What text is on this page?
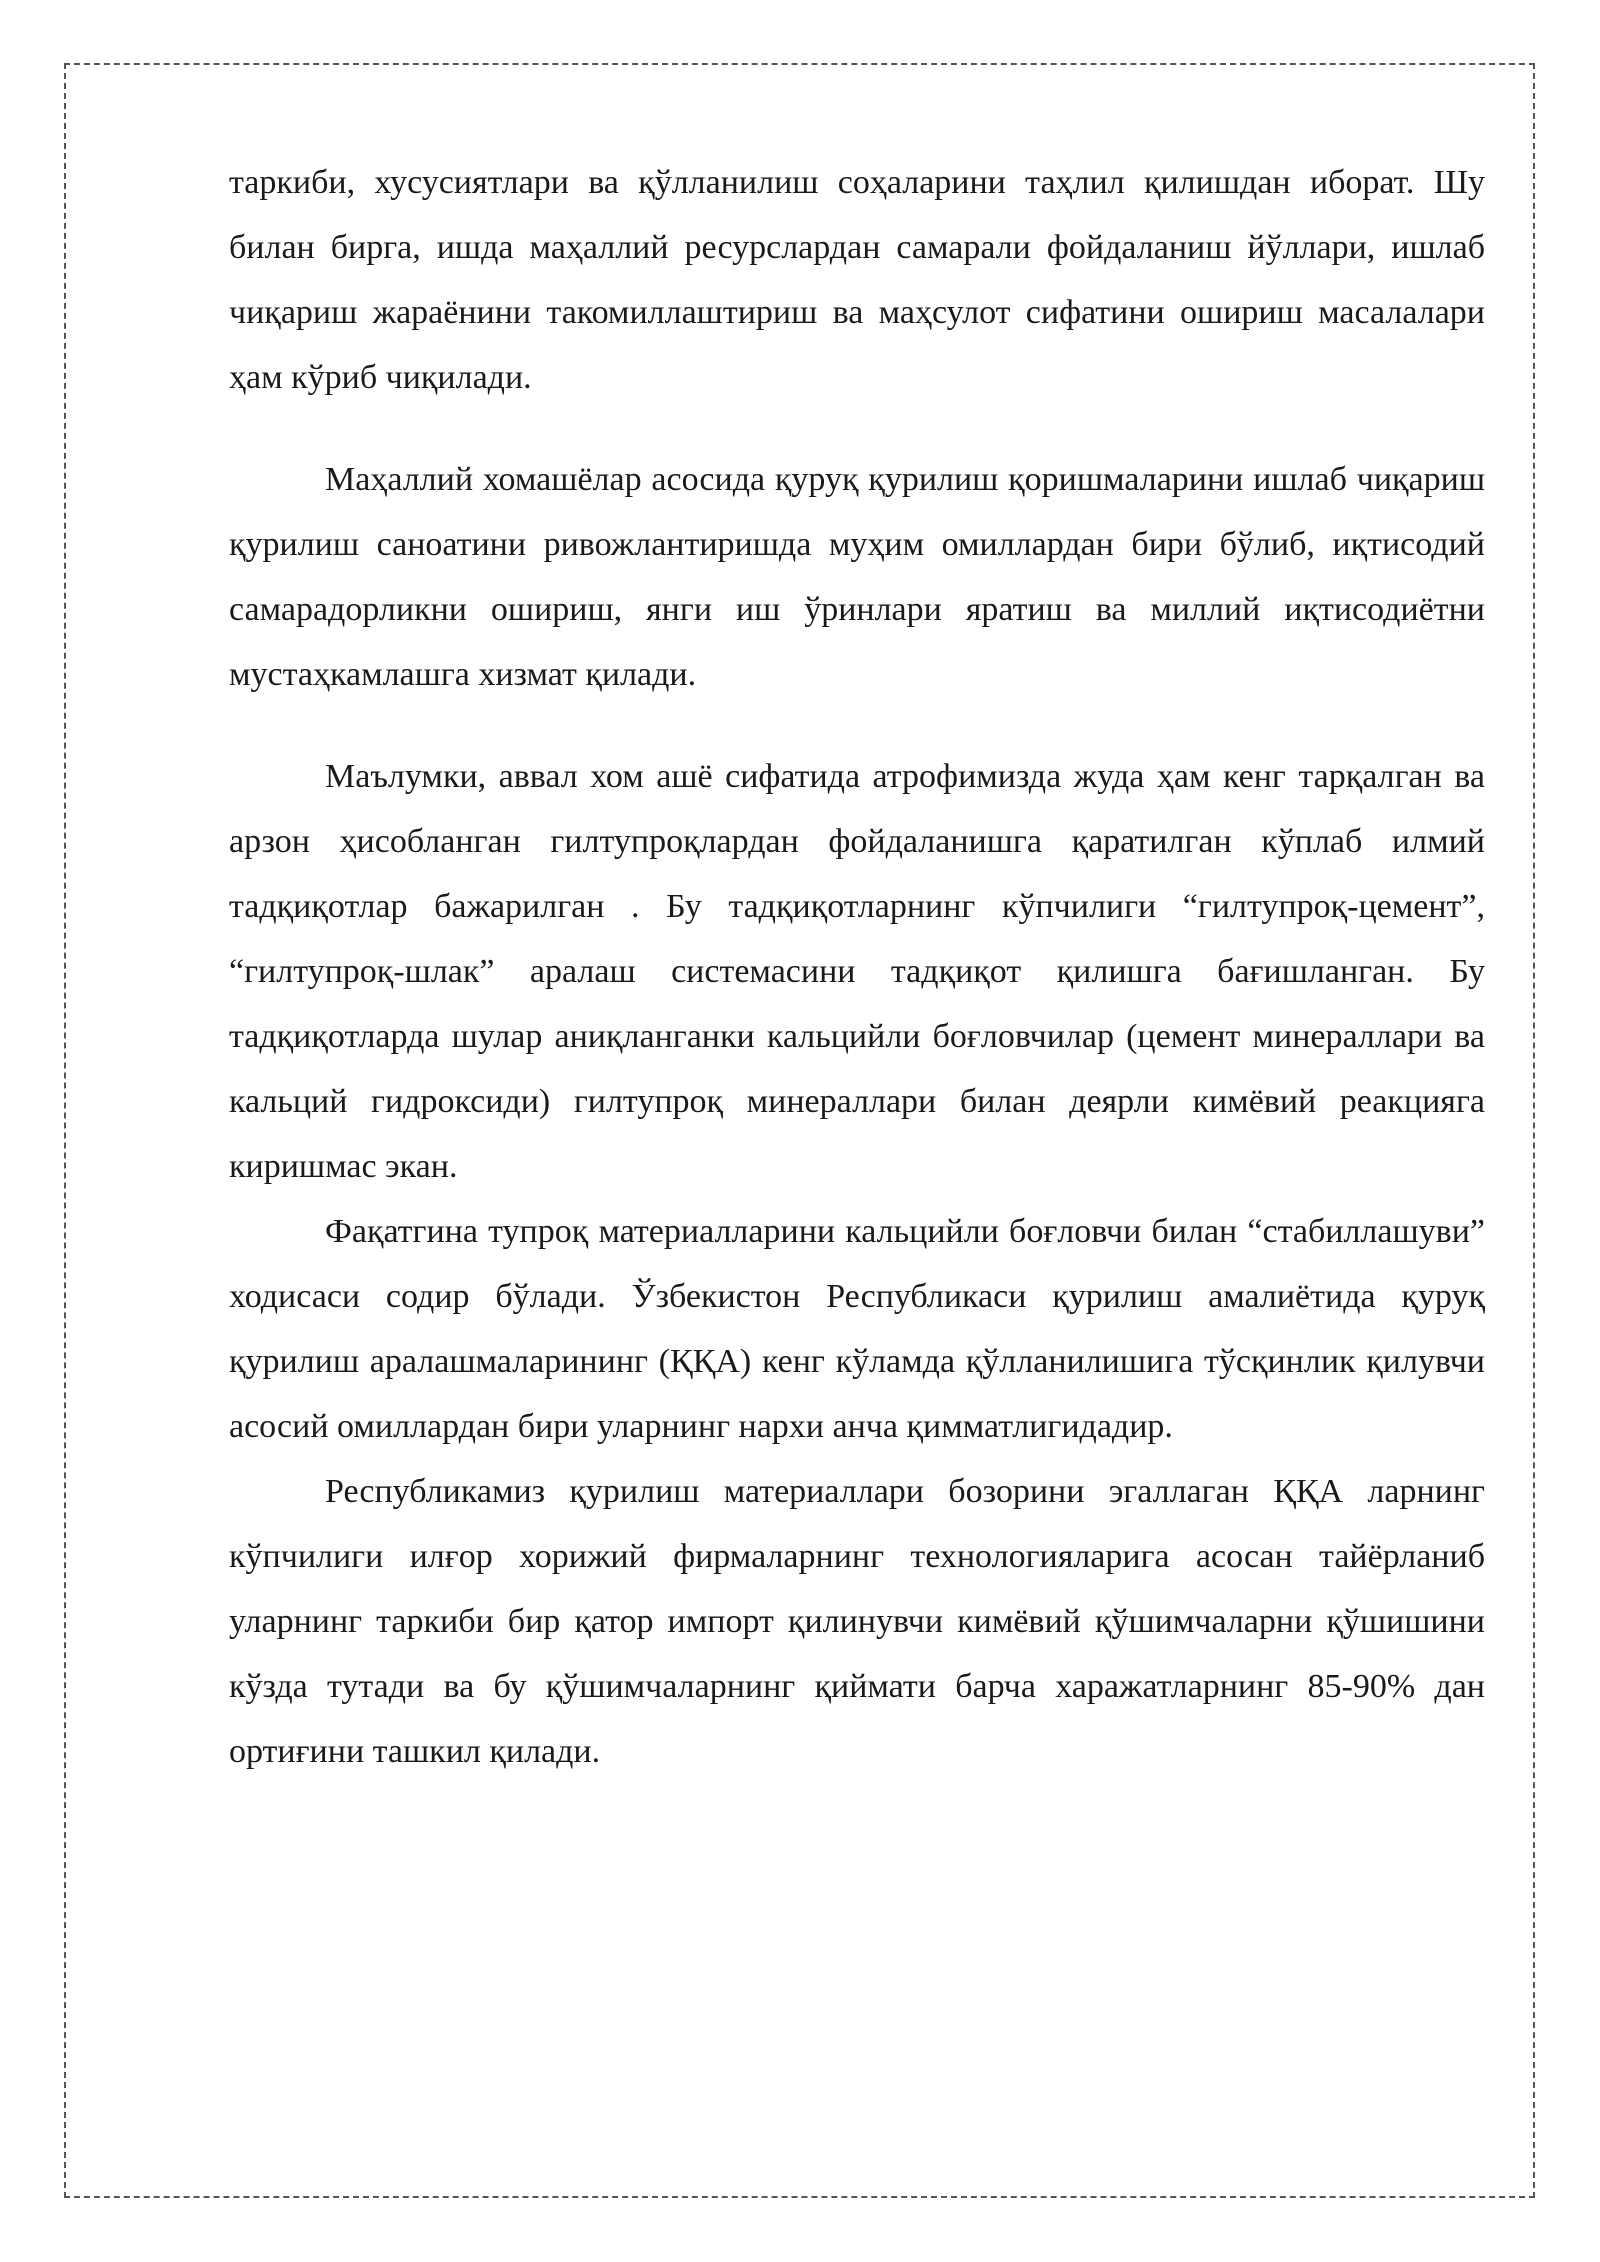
таркиби, хусусиятлари ва қўлланилиш соҳаларини таҳлил қилишдан иборат. Шу билан бирга, ишда маҳаллий ресурслардан самарали фойдаланиш йўллари, ишлаб чиқариш жараёнини такомиллаштириш ва маҳсулот сифатини ошириш масалалари ҳам кўриб чиқилади.

Маҳаллий хомашёлар асосида қуруқ қурилиш қоришмаларини ишлаб чиқариш қурилиш саноатини ривожлантиришда муҳим омиллардан бири бўлиб, иқтисодий самарадорликни ошириш, янги иш ўринлари яратиш ва миллий иқтисодиётни мустаҳкамлашга хизмат қилади.

Маълумки, аввал хом ашё сифатида атрофимизда жуда ҳам кенг тарқалган ва арзон ҳисобланган гилтупроқлардан фойдаланишга қаратилган кўплаб илмий тадқиқотлар бажарилган . Бу тадқиқотларнинг кўпчилиги “гилтупроқ-цемент”, “гилтупроқ-шлак” аралаш системасини тадқиқот қилишга бағишланган. Бу тадқиқотларда шулар аниқланганки кальцийли боғловчилар (цемент минераллари ва кальций гидроксиди) гилтупроқ минераллари билан деярли кимёвий реакцияга киришмас экан.

Фақатгина тупроқ материалларини кальцийли боғловчи билан “стабиллашуви” ходисаси содир бўлади. Ўзбекистон Республикаси қурилиш амалиётида қуруқ қурилиш аралашмаларининг (ҚҚА) кенг кўламда қўлланилишига тўсқинлик қилувчи асосий омиллардан бири уларнинг нархи анча қимматлигидадир.

Республикамиз қурилиш материаллари бозорини эгаллаган ҚҚА ларнинг кўпчилиги илғор хорижий фирмаларнинг технологияларига асосан тайёрланиб уларнинг таркиби бир қатор импорт қилинувчи кимёвий қўшимчаларни қўшишини кўзда тутади ва бу қўшимчаларнинг қиймати барча харажатларнинг 85-90% дан ортиғини ташкил қилади.
